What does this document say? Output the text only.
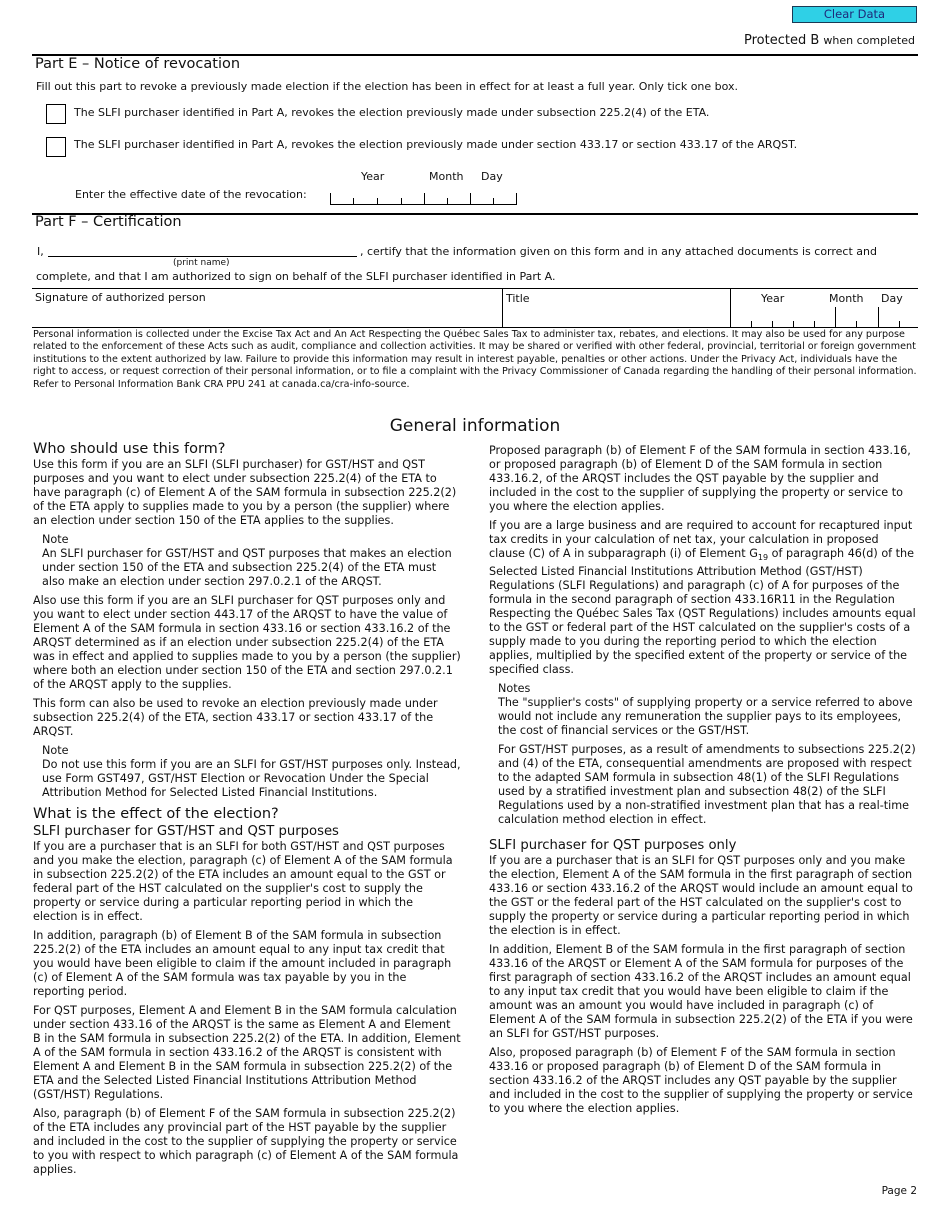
Clear Data
Protected B when completed
Part E – Notice of revocation
Fill out this part to revoke a previously made election if the election has been in effect for at least a full year. Only tick one box.
The SLFI purchaser identified in Part A, revokes the election previously made under subsection 225.2(4) of the ETA.
The SLFI purchaser identified in Part A, revokes the election previously made under section 433.17 or section 433.17 of the ARQST.
Year	Month Day
Enter the effective date of the revocation:
Part F – Certification
I,
(print name)
, certify that the information given on this form and in any attached documents is correct and
complete, and that I am authorized to sign on behalf of the SLFI purchaser identified in Part A.
Signature of authorized person	Title	Year	Month Day
Personal information is collected under the Excise Tax Act and An Act Respecting the Québec Sales Tax to administer tax, rebates, and elections. It may also be used for any purpose related to the enforcement of these Acts such as audit, compliance and collection activities. It may be shared or verified with other federal, provincial, territorial or foreign government institutions to the extent authorized by law. Failure to provide this information may result in interest payable, penalties or other actions. Under the Privacy Act, individuals have the right to access, or request correction of their personal information, or to file a complaint with the Privacy Commissioner of Canada regarding the handling of their personal information. Refer to Personal Information Bank CRA PPU 241 at canada.ca/cra-info-source.
General information
Who should use this form?

Use this form if you are an SLFI (SLFI purchaser) for GST/HST and QST purposes and you want to elect under subsection 225.2(4) of the ETA to have paragraph (c) of Element A of the SAM formula in subsection 225.2(2) of the ETA apply to supplies made to you by a person (the supplier) where an election under section 150 of the ETA applies to the supplies.

Note

An SLFI purchaser for GST/HST and QST purposes that makes an election under section 150 of the ETA and subsection 225.2(4) of the ETA must also make an election under section 297.0.2.1 of the ARQST.

Also use this form if you are an SLFI purchaser for QST purposes only and you want to elect under section 443.17 of the ARQST to have the value of Element A of the SAM formula in section 433.16 or section 433.16.2 of the ARQST determined as if an election under subsection 225.2(4) of the ETA was in effect and applied to supplies made to you by a person (the supplier) where both an election under section 150 of the ETA and section 297.0.2.1 of the ARQST apply to the supplies.

This form can also be used to revoke an election previously made under subsection 225.2(4) of the ETA, section 433.17 or section 433.17 of the ARQST.

Note

Do not use this form if you are an SLFI for GST/HST purposes only. Instead, use Form GST497, GST/HST Election or Revocation Under the Special Attribution Method for Selected Listed Financial Institutions.

What is the effect of the election?
SLFI purchaser for GST/HST and QST purposes

If you are a purchaser that is an SLFI for both GST/HST and QST purposes and you make the election, paragraph (c) of Element A of the SAM formula in subsection 225.2(2) of the ETA includes an amount equal to the GST or federal part of the HST calculated on the supplier's cost to supply the property or service during a particular reporting period in which the election is in effect.

In addition, paragraph (b) of Element B of the SAM formula in subsection 225.2(2) of the ETA includes an amount equal to any input tax credit that you would have been eligible to claim if the amount included in paragraph (c) of Element A of the SAM formula was tax payable by you in the reporting period.

For QST purposes, Element A and Element B in the SAM formula calculation under section 433.16 of the ARQST is the same as Element A and Element B in the SAM formula in subsection 225.2(2) of the ETA. In addition, Element A of the SAM formula in section 433.16.2 of the ARQST is consistent with Element A and Element B in the SAM formula in subsection 225.2(2) of the ETA and the Selected Listed Financial Institutions Attribution Method (GST/HST) Regulations.

Also, paragraph (b) of Element F of the SAM formula in subsection 225.2(2) of the ETA includes any provincial part of the HST payable by the supplier and included in the cost to the supplier of supplying the property or service to you with respect to which paragraph (c) of Element A of the SAM formula applies.

Proposed paragraph (b) of Element F of the SAM formula in section 433.16, or proposed paragraph (b) of Element D of the SAM formula in section 433.16.2, of the ARQST includes the QST payable by the supplier and included in the cost to the supplier of supplying the property or service to you where the election applies.

If you are a large business and are required to account for recaptured input tax credits in your calculation of net tax, your calculation in proposed clause (C) of A in subparagraph (i) of Element $G_{19}$ of paragraph 46(d) of the Selected Listed Financial Institutions Attribution Method (GST/HST) Regulations (SLFI Regulations) and paragraph (c) of A for purposes of the formula in the second paragraph of section 433.16R11 in the Regulation Respecting the Québec Sales Tax (QST Regulations) includes amounts equal to the GST or federal part of the HST calculated on the supplier's costs of a supply made to you during the reporting period to which the election applies, multiplied by the specified extent of the property or service of the specified class.

Notes

The "supplier's costs" of supplying property or a service referred to above would not include any remuneration the supplier pays to its employees, the cost of financial services or the GST/HST.

For GST/HST purposes, as a result of amendments to subsections 225.2(2) and (4) of the ETA, consequential amendments are proposed with respect to the adapted SAM formula in subsection 48(1) of the SLFI Regulations used by a stratified investment plan and subsection 48(2) of the SLFI Regulations used by a non-stratified investment plan that has a real-time calculation method election in effect.

SLFI purchaser for QST purposes only

If you are a purchaser that is an SLFI for QST purposes only and you make the election, Element A of the SAM formula in the first paragraph of section 433.16 or section 433.16.2 of the ARQST would include an amount equal to the GST or the federal part of the HST calculated on the supplier's cost to supply the property or service during a particular reporting period in which the election is in effect.

In addition, Element B of the SAM formula in the first paragraph of section 433.16 of the ARQST or Element A of the SAM formula for purposes of the first paragraph of section 433.16.2 of the ARQST includes an amount equal to any input tax credit that you would have been eligible to claim if the amount was an amount you would have included in paragraph (c) of Element A of the SAM formula in subsection 225.2(2) of the ETA if you were an SLFI for GST/HST purposes.

Also, proposed paragraph (b) of Element F of the SAM formula in section 433.16 or proposed paragraph (b) of Element D of the SAM formula in section 433.16.2 of the ARQST includes any QST payable by the supplier and included in the cost to the supplier of supplying the property or service to you where the election applies.

Page 2
